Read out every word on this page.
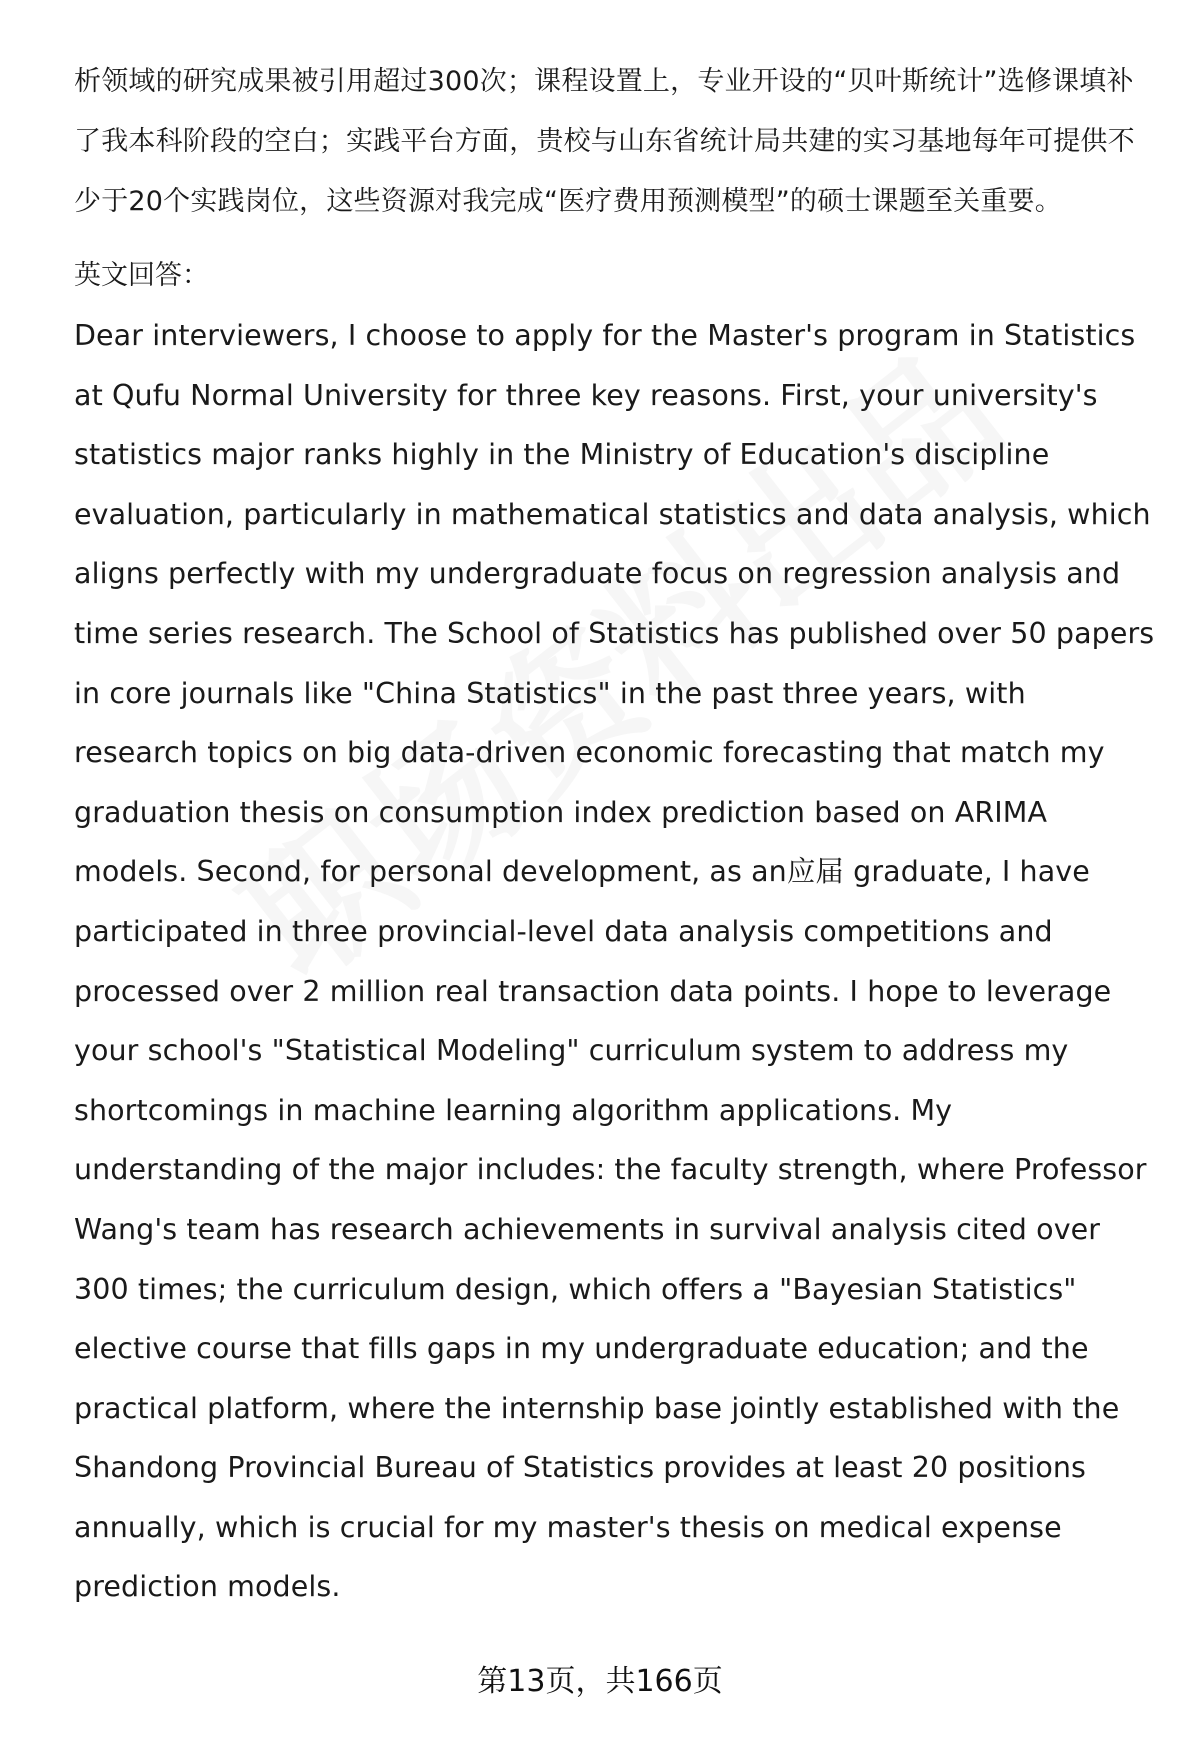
析领域的研究成果被引用超过300次；课程设置上，专业开设的“贝叶斯统计”选修课填补了我本科阶段的空白；实践平台方面，贵校与山东省统计局共建的实习基地每年可提供不少于20个实践岗位，这些资源对我完成“医疗费用预测模型”的硕士课题至关重要。

英文回答：

Dear interviewers, I choose to apply for the Master's program in Statistics at Qufu Normal University for three key reasons. First, your university's statistics major ranks highly in the Ministry of Education's discipline evaluation, particularly in mathematical statistics and data analysis, which aligns perfectly with my undergraduate focus on regression analysis and time series research. The School of Statistics has published over 50 papers in core journals like "China Statistics" in the past three years, with research topics on big data-driven economic forecasting that match my graduation thesis on consumption index prediction based on ARIMA models. Second, for personal development, as an应届 graduate, I have participated in three provincial-level data analysis competitions and processed over 2 million real transaction data points. I hope to leverage your school's "Statistical Modeling" curriculum system to address my shortcomings in machine learning algorithm applications. My understanding of the major includes: the faculty strength, where Professor Wang's team has research achievements in survival analysis cited over 300 times; the curriculum design, which offers a "Bayesian Statistics" elective course that fills gaps in my undergraduate education; and the practical platform, where the internship base jointly established with the Shandong Provincial Bureau of Statistics provides at least 20 positions annually, which is crucial for my master's thesis on medical expense prediction models.

第13页，共166页
